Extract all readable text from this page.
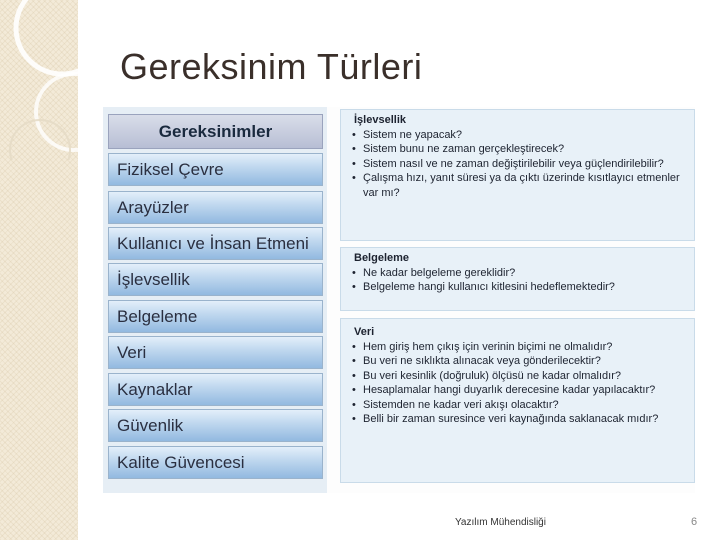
Gereksinim Türleri
Gereksinimler
Fiziksel Çevre
Arayüzler
Kullanıcı ve İnsan Etmeni
İşlevsellik
Belgeleme
Veri
Kaynaklar
Güvenlik
Kalite Güvencesi
İşlevsellik
• Sistem ne yapacak?
• Sistem bunu ne zaman gerçekleştirecek?
• Sistem nasıl ve ne zaman değiştirilebilir veya güçlendirilebilir?
• Çalışma hızı, yanıt süresi ya da çıktı üzerinde kısıtlayıcı etmenler var mı?
Belgeleme
• Ne kadar belgeleme gereklidir?
• Belgeleme hangi kullanıcı kitlesini hedeflemektedir?
Veri
• Hem giriş hem çıkış için verinin biçimi ne olmalıdır?
• Bu veri ne sıklıkta alınacak veya gönderilecektir?
• Bu veri kesinlik (doğruluk) ölçüsü ne kadar olmalıdır?
• Hesaplamalar hangi duyarlık derecesine kadar yapılacaktır?
• Sistemden ne kadar veri akışı olacaktır?
• Belli bir zaman suresince veri kaynağında saklanacak mıdır?
Yazılım Mühendisliği	6
